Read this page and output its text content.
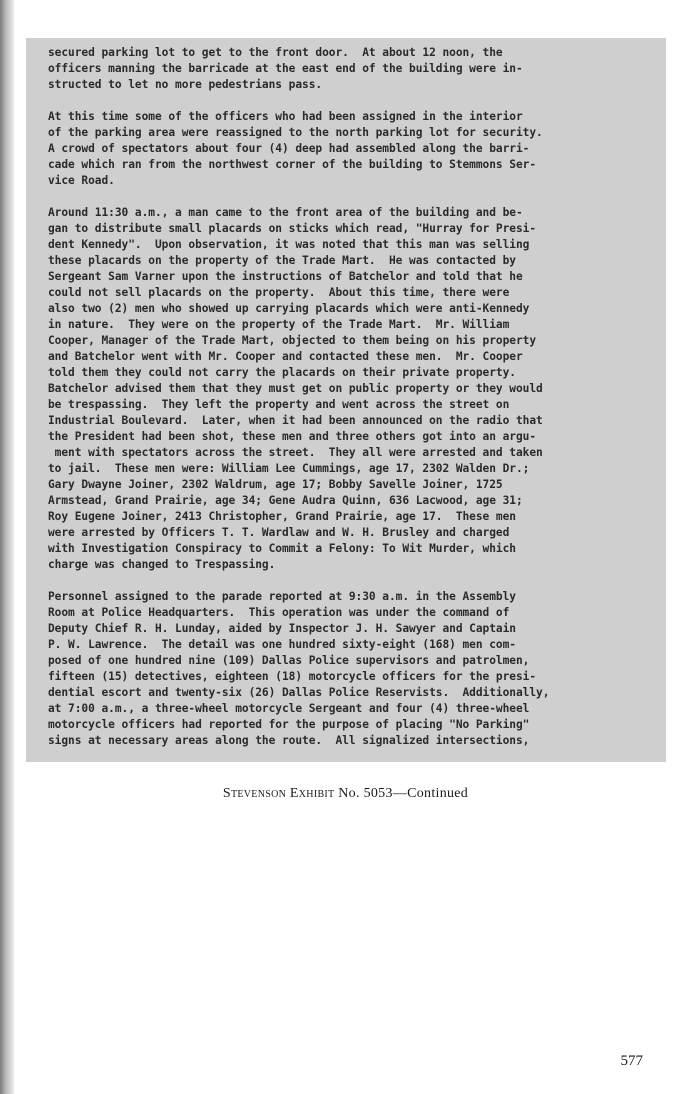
secured parking lot to get to the front door.  At about 12 noon, the
officers manning the barricade at the east end of the building were in-
structed to let no more pedestrians pass.

At this time some of the officers who had been assigned in the interior
of the parking area were reassigned to the north parking lot for security.
A crowd of spectators about four (4) deep had assembled along the barri-
cade which ran from the northwest corner of the building to Stemmons Ser-
vice Road.

Around 11:30 a.m., a man came to the front area of the building and be-
gan to distribute small placards on sticks which read, "Hurray for Presi-
dent Kennedy".  Upon observation, it was noted that this man was selling
these placards on the property of the Trade Mart.  He was contacted by
Sergeant Sam Varner upon the instructions of Batchelor and told that he
could not sell placards on the property.  About this time, there were
also two (2) men who showed up carrying placards which were anti-Kennedy
in nature.  They were on the property of the Trade Mart.  Mr. William
Cooper, Manager of the Trade Mart, objected to them being on his property
and Batchelor went with Mr. Cooper and contacted these men.  Mr. Cooper
told them they could not carry the placards on their private property.
Batchelor advised them that they must get on public property or they would
be trespassing.  They left the property and went across the street on
Industrial Boulevard.  Later, when it had been announced on the radio that
the President had been shot, these men and three others got into an argu-
ment with spectators across the street.  They all were arrested and taken
to jail.  These men were: William Lee Cummings, age 17, 2302 Walden Dr.;
Gary Dwayne Joiner, 2302 Waldrum, age 17; Bobby Savelle Joiner, 1725
Armstead, Grand Prairie, age 34; Gene Audra Quinn, 636 Lacwood, age 31;
Roy Eugene Joiner, 2413 Christopher, Grand Prairie, age 17.  These men
were arrested by Officers T. T. Wardlaw and W. H. Brusley and charged
with Investigation Conspiracy to Commit a Felony: To Wit Murder, which
charge was changed to Trespassing.

Personnel assigned to the parade reported at 9:30 a.m. in the Assembly
Room at Police Headquarters.  This operation was under the command of
Deputy Chief R. H. Lunday, aided by Inspector J. H. Sawyer and Captain
P. W. Lawrence.  The detail was one hundred sixty-eight (168) men com-
posed of one hundred nine (109) Dallas Police supervisors and patrolmen,
fifteen (15) detectives, eighteen (18) motorcycle officers for the presi-
dential escort and twenty-six (26) Dallas Police Reservists.  Additionally,
at 7:00 a.m., a three-wheel motorcycle Sergeant and four (4) three-wheel
motorcycle officers had reported for the purpose of placing "No Parking"
signs at necessary areas along the route.  All signalized intersections,

Stevenson Exhibit No. 5053—Continued
577
